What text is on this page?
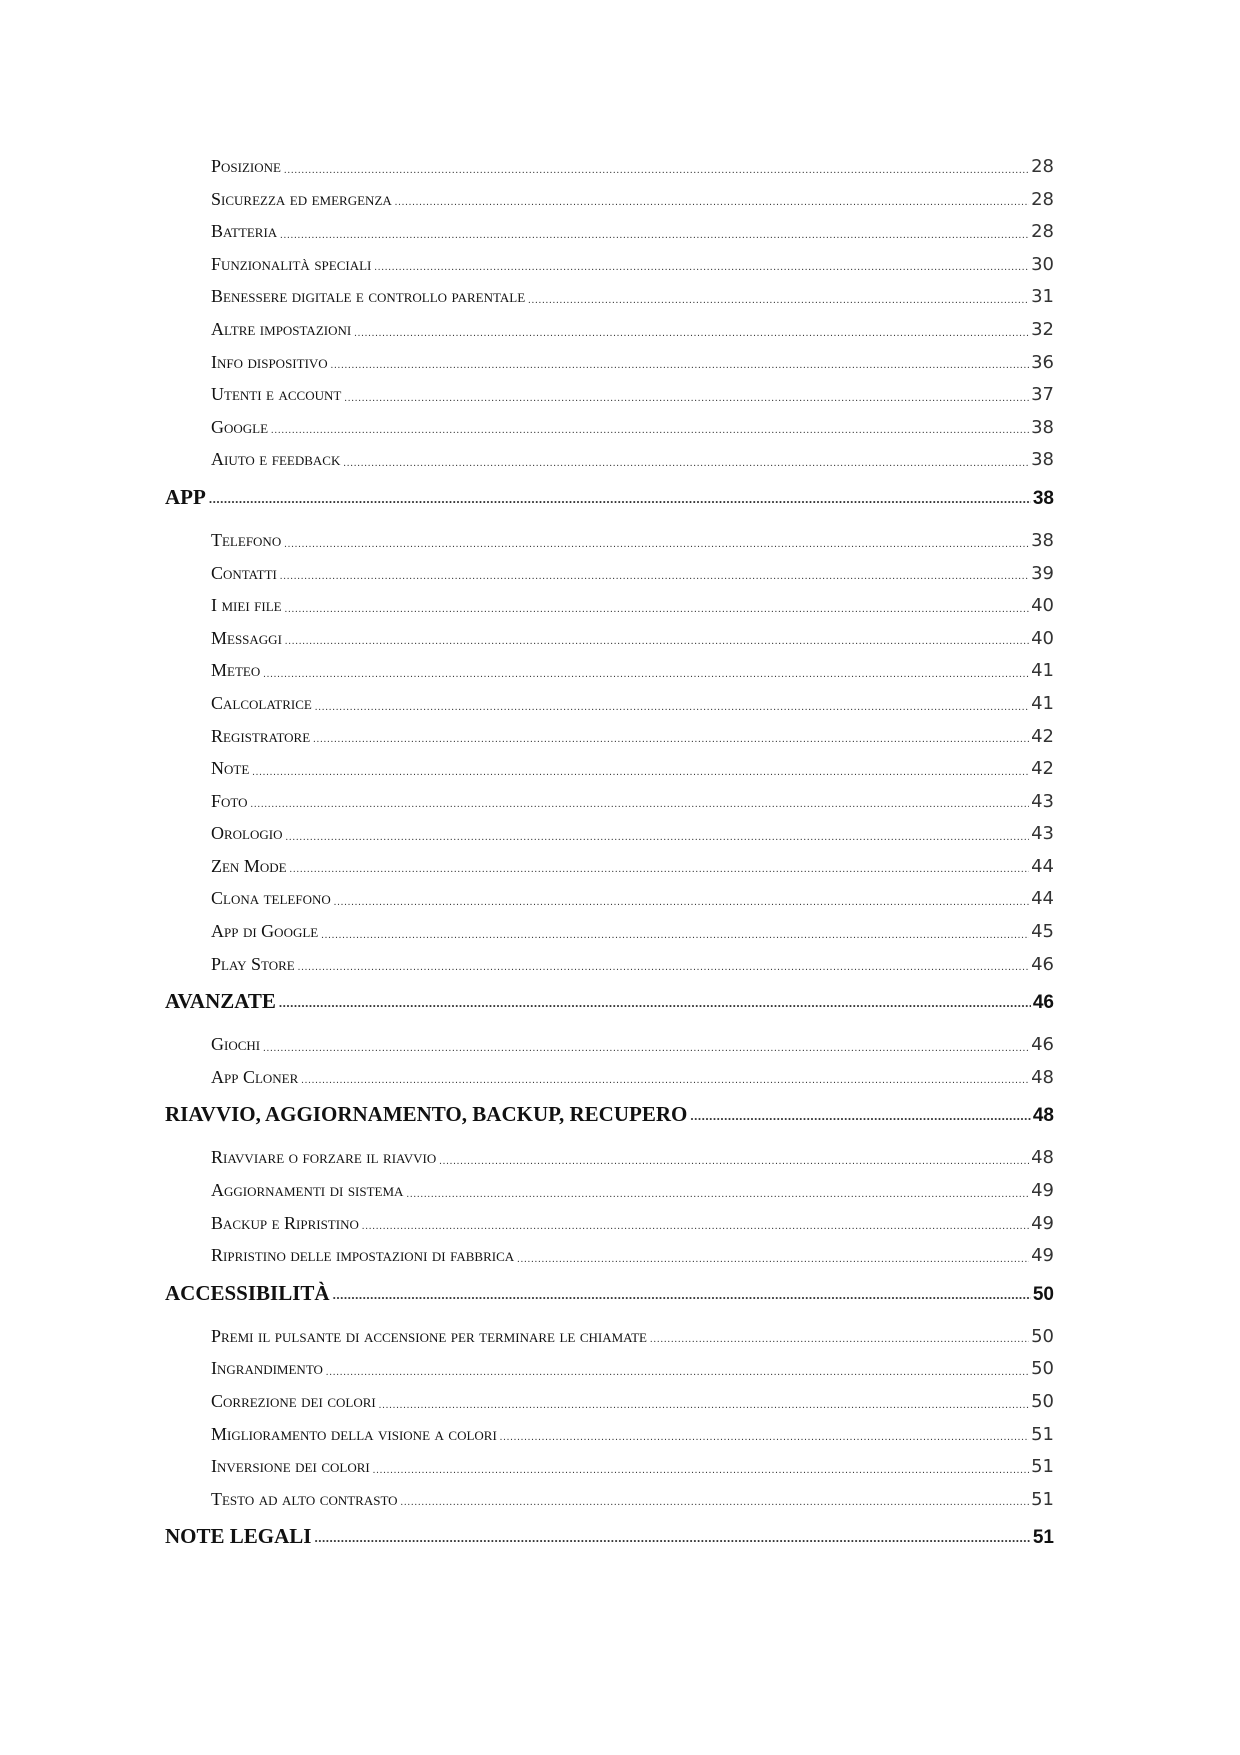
Posizione .....	28
Sicurezza ed emergenza .....	28
Batteria .....	28
Funzionalità speciali .....	30
Benessere digitale e controllo parentale .....	31
Altre impostazioni .....	32
Info dispositivo .....	36
Utenti e account .....	37
Google .....	38
Aiuto e feedback .....	38
APP .....	38
Telefono .....	38
Contatti .....	39
I miei file .....	40
Messaggi .....	40
Meteo .....	41
Calcolatrice .....	41
Registratore .....	42
Note .....	42
Foto .....	43
Orologio .....	43
Zen Mode .....	44
Clona telefono .....	44
App di Google .....	45
Play Store .....	46
AVANZATE .....	46
Giochi .....	46
App Cloner .....	48
RIAVVIO, AGGIORNAMENTO, BACKUP, RECUPERO .....	48
Riavviare o forzare il riavvio .....	48
Aggiornamenti di sistema .....	49
Backup e Ripristino .....	49
Ripristino delle impostazioni di fabbrica .....	49
ACCESSIBILITÀ .....	50
Premi il pulsante di accensione per terminare le chiamate .....	50
Ingrandimento .....	50
Correzione dei colori .....	50
Miglioramento della visione a colori .....	51
Inversione dei colori .....	51
Testo ad alto contrasto .....	51
NOTE LEGALI .....	51
